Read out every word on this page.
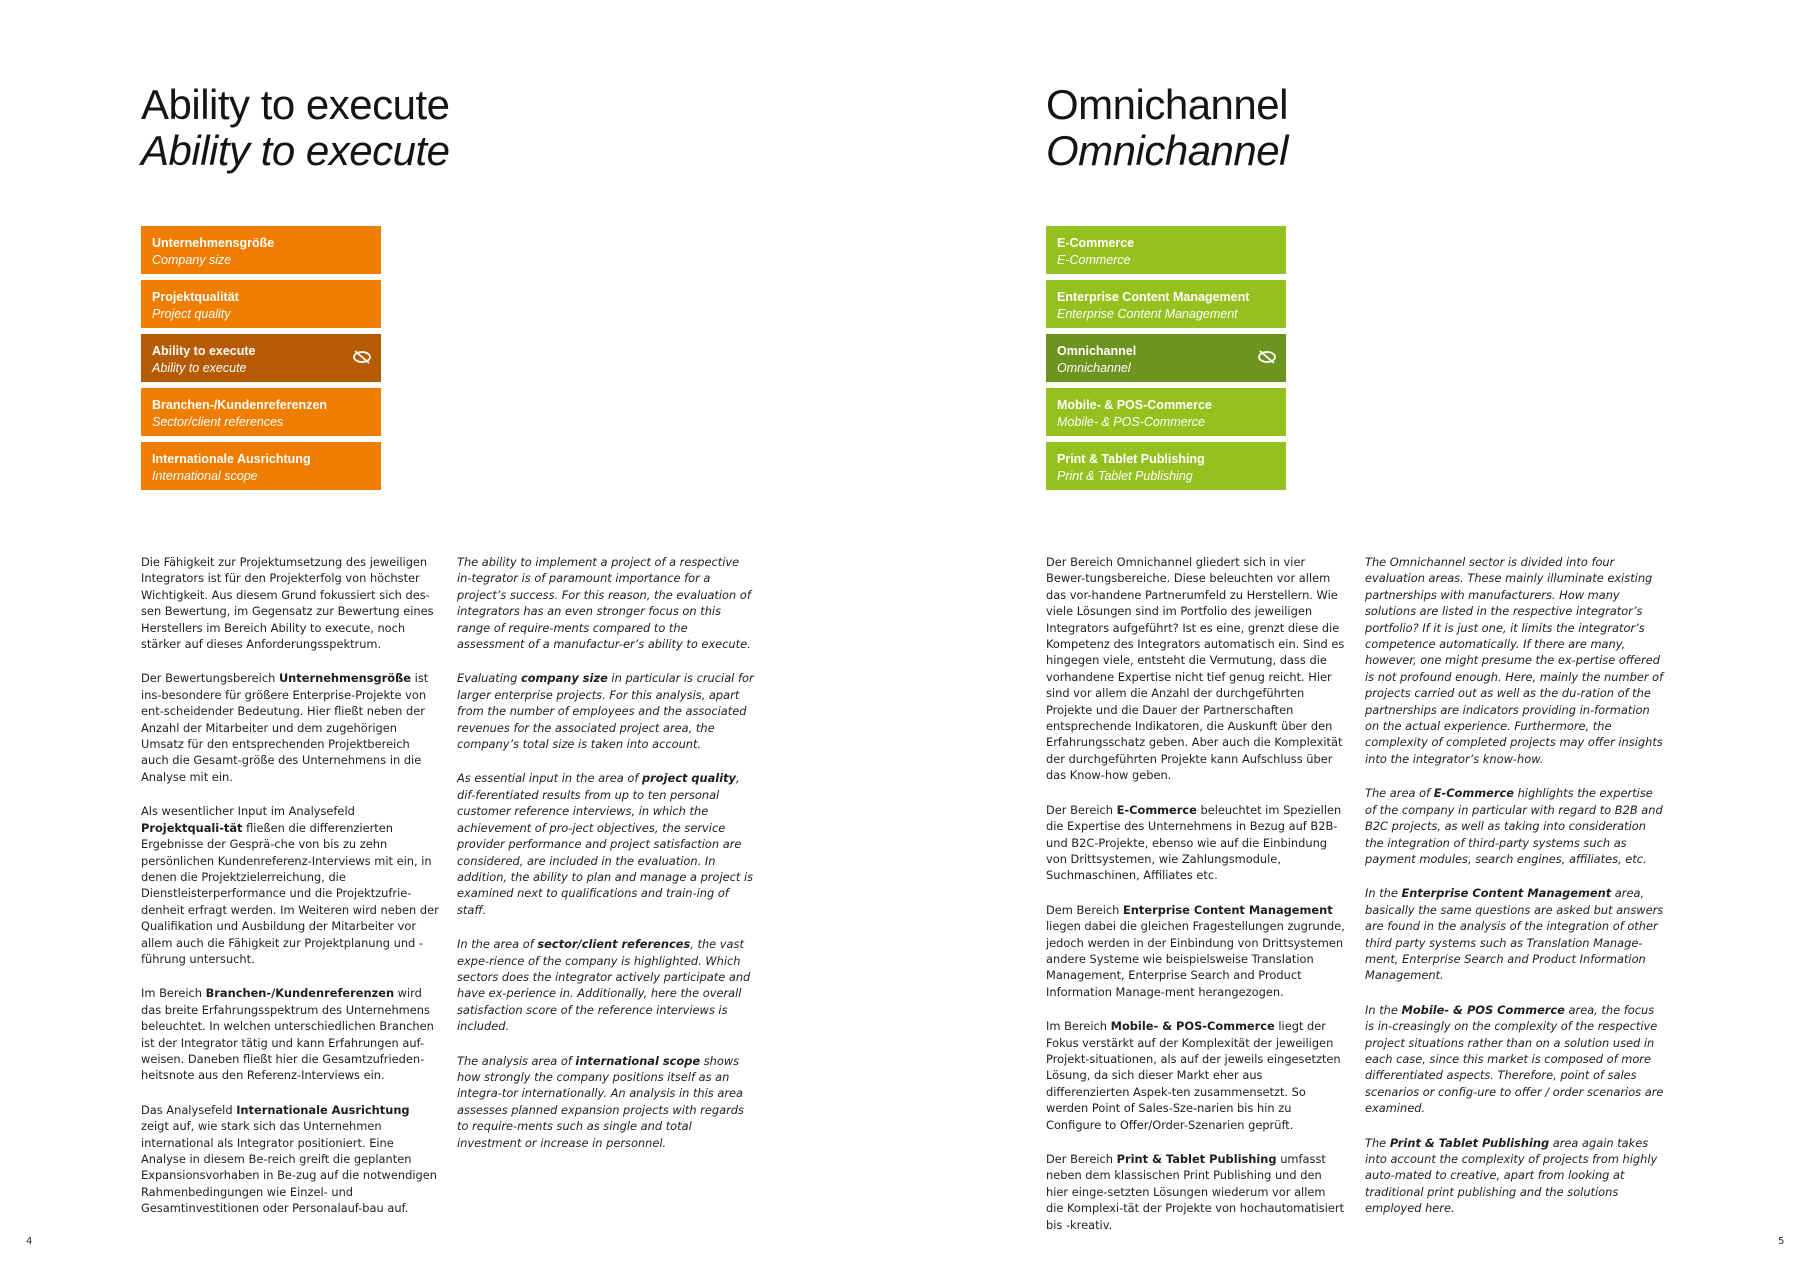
Ability to execute
Ability to execute
Unternehmensgröße
Company size
Projektqualität
Project quality
Ability to execute
Ability to execute
Branchen-/Kundenreferenzen
Sector/client references
Internationale Ausrichtung
International scope

Die Fähigkeit zur Projektumsetzung des jeweiligen Integrators ist für den Projekterfolg von höchster Wichtigkeit. Aus diesem Grund fokussiert sich des-sen Bewertung, im Gegensatz zur Bewertung eines Herstellers im Bereich Ability to execute, noch stärker auf dieses Anforderungsspektrum.

Der Bewertungsbereich Unternehmensgröße ist ins-besondere für größere Enterprise-Projekte von ent-scheidender Bedeutung. Hier fließt neben der Anzahl der Mitarbeiter und dem zugehörigen Umsatz für den entsprechenden Projektbereich auch die Gesamt-größe des Unternehmens in die Analyse mit ein.

Als wesentlicher Input im Analysefeld Projektquali-tät fließen die differenzierten Ergebnisse der Gesprä-che von bis zu zehn persönlichen Kundenreferenz-Interviews mit ein, in denen die Projektzielerreichung, die Dienstleisterperformance und die Projektzufrie-denheit erfragt werden. Im Weiteren wird neben der Qualifikation und Ausbildung der Mitarbeiter vor allem auch die Fähigkeit zur Projektplanung und -führung untersucht.

Im Bereich Branchen-/Kundenreferenzen wird das breite Erfahrungsspektrum des Unternehmens beleuchtet. In welchen unterschiedlichen Branchen ist der Integrator tätig und kann Erfahrungen auf-weisen. Daneben fließt hier die Gesamtzufrieden-heitsnote aus den Referenz-Interviews ein.

Das Analysefeld Internationale Ausrichtung zeigt auf, wie stark sich das Unternehmen international als Integrator positioniert. Eine Analyse in diesem Be-reich greift die geplanten Expansionsvorhaben in Be-zug auf die notwendigen Rahmenbedingungen wie Einzel- und Gesamtinvestitionen oder Personalauf-bau auf.

The ability to implement a project of a respective in-tegrator is of paramount importance for a project’s success. For this reason, the evaluation of integrators has an even stronger focus on this range of require-ments compared to the assessment of a manufactur-er’s ability to execute.

Evaluating company size in particular is crucial for larger enterprise projects. For this analysis, apart from the number of employees and the associated revenues for the associated project area, the company’s total size is taken into account.

As essential input in the area of project quality, dif-ferentiated results from up to ten personal customer reference interviews, in which the achievement of pro-ject objectives, the service provider performance and project satisfaction are considered, are included in the evaluation. In addition, the ability to plan and manage a project is examined next to qualifications and train-ing of staff.

In the area of sector/client references, the vast expe-rience of the company is highlighted. Which sectors does the integrator actively participate and have ex-perience in. Additionally, here the overall satisfaction score of the reference interviews is included.

The analysis area of international scope shows how strongly the company positions itself as an integra-tor internationally. An analysis in this area assesses planned expansion projects with regards to require-ments such as single and total investment or increase in personnel.

4
Omnichannel
Omnichannel
E-Commerce
E-Commerce
Enterprise Content Management
Enterprise Content Management
Omnichannel
Omnichannel
Mobile- & POS-Commerce
Mobile- & POS-Commerce
Print & Tablet Publishing
Print & Tablet Publishing

Der Bereich Omnichannel gliedert sich in vier Bewer-tungsbereiche. Diese beleuchten vor allem das vor-handene Partnerumfeld zu Herstellern. Wie viele Lösungen sind im Portfolio des jeweiligen Integrators aufgeführt? Ist es eine, grenzt diese die Kompetenz des Integrators automatisch ein. Sind es hingegen viele, entsteht die Vermutung, dass die vorhandene Expertise nicht tief genug reicht. Hier sind vor allem die Anzahl der durchgeführten Projekte und die Dauer der Partnerschaften entsprechende Indikatoren, die Auskunft über den Erfahrungsschatz geben. Aber auch die Komplexität der durchgeführten Projekte kann Aufschluss über das Know-how geben.

Der Bereich E-Commerce beleuchtet im Speziellen die Expertise des Unternehmens in Bezug auf B2B- und B2C-Projekte, ebenso wie auf die Einbindung von Drittsystemen, wie Zahlungsmodule, Suchmaschinen, Affiliates etc.

Dem Bereich Enterprise Content Management liegen dabei die gleichen Fragestellungen zugrunde, jedoch werden in der Einbindung von Drittsystemen andere Systeme wie beispielsweise Translation Management, Enterprise Search and Product Information Manage-ment herangezogen.

Im Bereich Mobile- & POS-Commerce liegt der Fokus verstärkt auf der Komplexität der jeweiligen Projekt-situationen, als auf der jeweils eingesetzten Lösung, da sich dieser Markt eher aus differenzierten Aspek-ten zusammensetzt. So werden Point of Sales-Sze-narien bis hin zu Configure to Offer/Order-Szenarien geprüft.

Der Bereich Print & Tablet Publishing umfasst neben dem klassischen Print Publishing und den hier einge-setzten Lösungen wiederum vor allem die Komplexi-tät der Projekte von hochautomatisiert bis -kreativ.

The Omnichannel sector is divided into four evaluation areas. These mainly illuminate existing partnerships with manufacturers. How many solutions are listed in the respective integrator’s portfolio? If it is just one, it limits the integrator’s competence automatically. If there are many, however, one might presume the ex-pertise offered is not profound enough. Here, mainly the number of projects carried out as well as the du-ration of the partnerships are indicators providing in-formation on the actual experience. Furthermore, the complexity of completed projects may offer insights into the integrator’s know-how.

The area of E-Commerce highlights the expertise of the company in particular with regard to B2B and B2C projects, as well as taking into consideration the integration of third-party systems such as payment modules, search engines, affiliates, etc.

In the Enterprise Content Management area, basically the same questions are asked but answers are found in the analysis of the integration of other third party systems such as Translation Manage-ment, Enterprise Search and Product Information Management.

In the Mobile- & POS Commerce area, the focus is in-creasingly on the complexity of the respective project situations rather than on a solution used in each case, since this market is composed of more differentiated aspects. Therefore, point of sales scenarios or config-ure to offer / order scenarios are examined.

The Print & Tablet Publishing area again takes into account the complexity of projects from highly auto-mated to creative, apart from looking at traditional print publishing and the solutions employed here.

5
